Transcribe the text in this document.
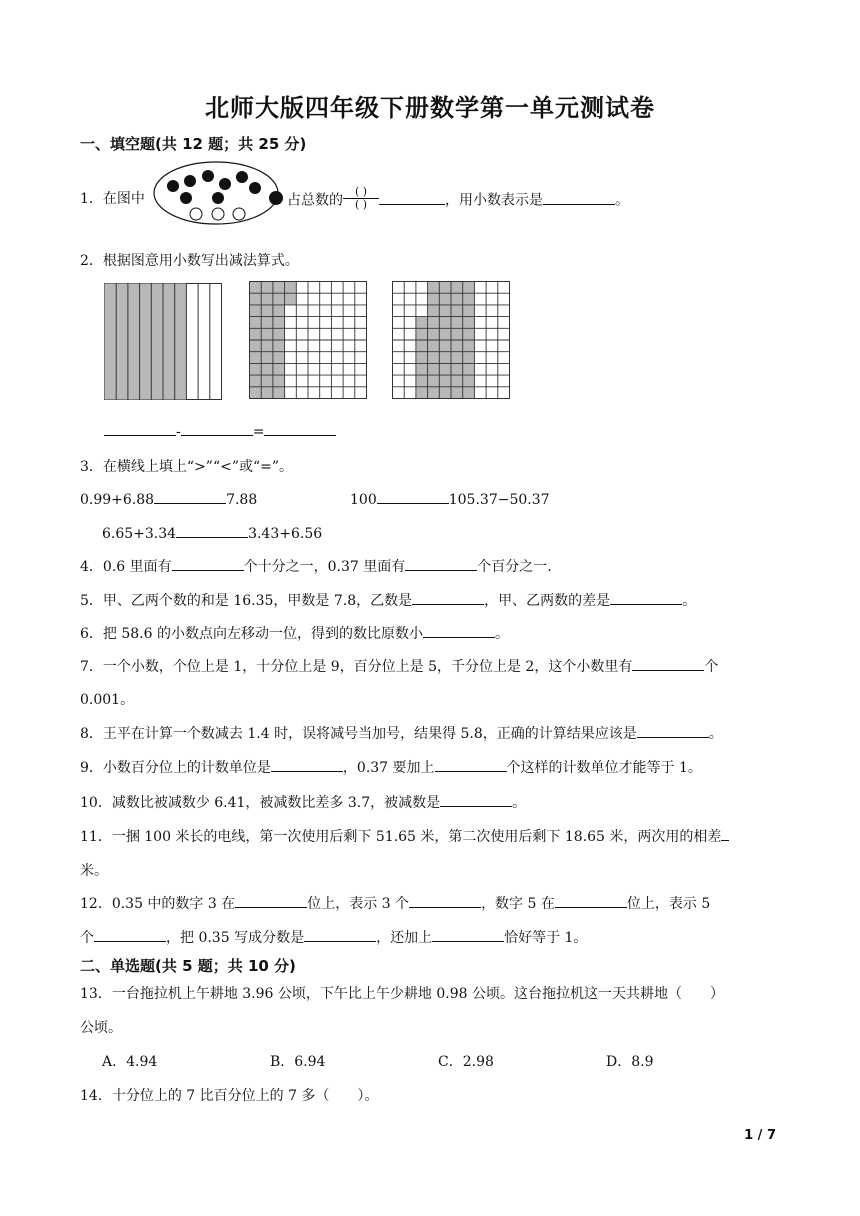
北师大版四年级下册数学第一单元测试卷
一、填空题(共 12 题；共 25 分)
1．在图中	占总数的 $\frac{( )}{( )}$	，用小数表示是	。
2．根据图意用小数写出减法算式。
-	=
3．在横线上填上“>”“<”或“=”。
0.99+6.88	7.88	100	105.37−50.37
6.65+3.34	3.43+6.56
4．0.6 里面有	个十分之一，0.37 里面有	个百分之一.
5．甲、乙两个数的和是 16.35，甲数是 7.8，乙数是	，甲、乙两数的差是	。
6．把 58.6 的小数点向左移动一位，得到的数比原数小	。
7．一个小数，个位上是 1，十分位上是 9，百分位上是 5，千分位上是 2，这个小数里有	个
0.001。
8．王平在计算一个数减去 1.4 时，误将减号当加号，结果得 5.8，正确的计算结果应该是	。
9．小数百分位上的计数单位是	，0.37 要加上	个这样的计数单位才能等于 1。
10．减数比被减数少 6.41，被减数比差多 3.7，被减数是	。
11．一捆 100 米长的电线，第一次使用后剩下 51.65 米，第二次使用后剩下 18.65 米，两次用的相差
米。
12．0.35 中的数字 3 在	位上，表示 3 个	，数字 5 在	位上，表示 5
个	，把 0.35 写成分数是	，还加上	恰好等于 1。
二、单选题(共 5 题；共 10 分)
13．一台拖拉机上午耕地 3.96 公顷，下午比上午少耕地 0.98 公顷。这台拖拉机这一天共耕地（　　）
公顷。
A．4.94	B．6.94	C．2.98	D．8.9
14．十分位上的 7 比百分位上的 7 多（　　）。
1 / 7
